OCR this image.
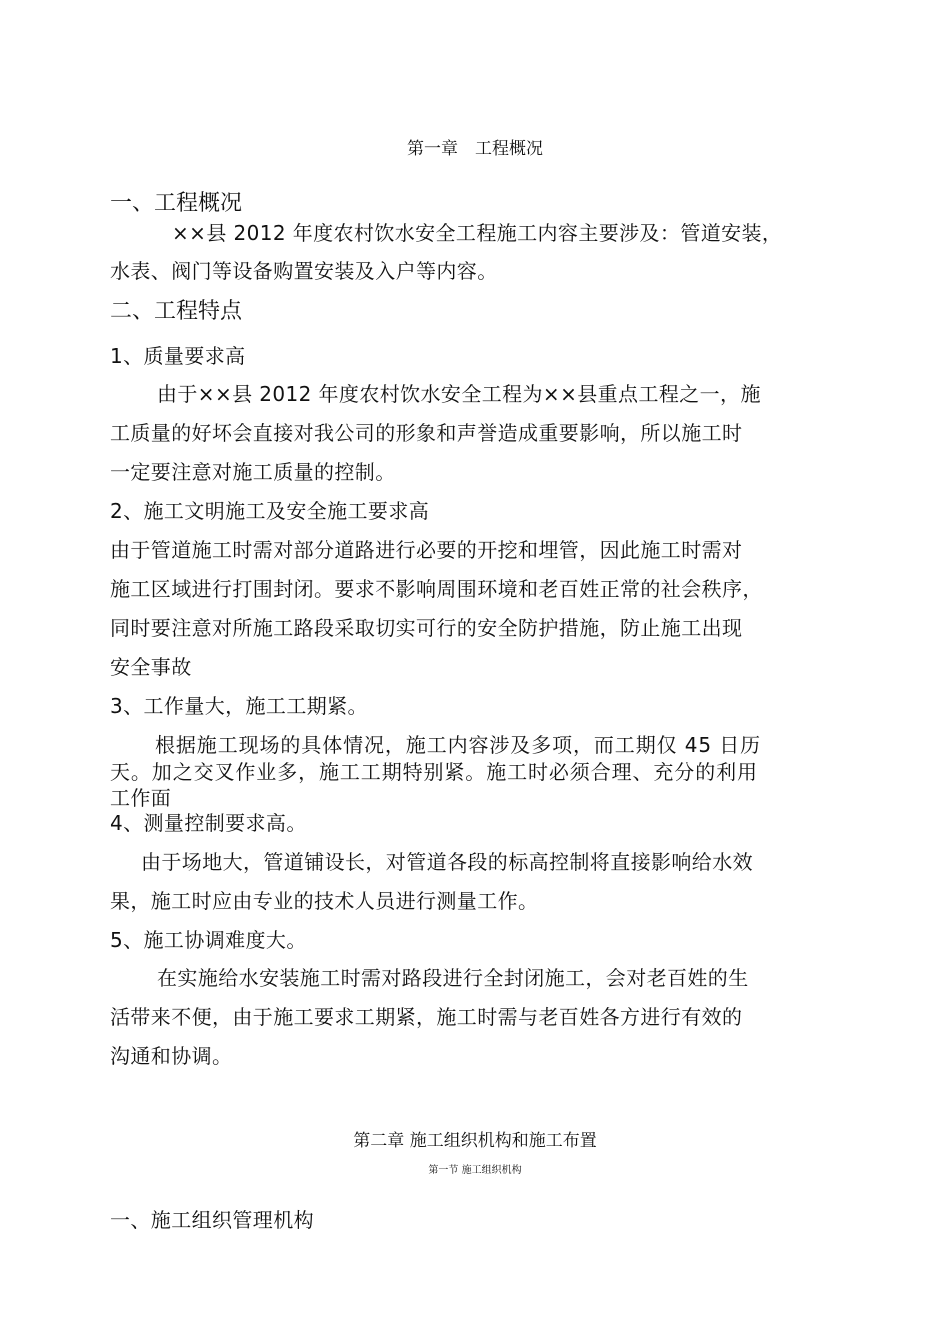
第一章　工程概况
一、工程概况
××县 2012 年度农村饮水安全工程施工内容主要涉及：管道安装，
水表、阀门等设备购置安装及入户等内容。
二、工程特点
1、质量要求高
由于××县 2012 年度农村饮水安全工程为××县重点工程之一，施
工质量的好坏会直接对我公司的形象和声誉造成重要影响，所以施工时
一定要注意对施工质量的控制。
2、施工文明施工及安全施工要求高
由于管道施工时需对部分道路进行必要的开挖和埋管，因此施工时需对
施工区域进行打围封闭。要求不影响周围环境和老百姓正常的社会秩序，
同时要注意对所施工路段采取切实可行的安全防护措施，防止施工出现
安全事故
3、工作量大，施工工期紧。
根据施工现场的具体情况，施工内容涉及多项，而工期仅 45 日历
天。加之交叉作业多，施工工期特别紧。施工时必须合理、充分的利用
工作面
4、测量控制要求高。
由于场地大，管道铺设长，对管道各段的标高控制将直接影响给水效
果，施工时应由专业的技术人员进行测量工作。
5、施工协调难度大。
在实施给水安装施工时需对路段进行全封闭施工，会对老百姓的生
活带来不便，由于施工要求工期紧，施工时需与老百姓各方进行有效的
沟通和协调。
第二章 施工组织机构和施工布置
第一节 施工组织机构
一、施工组织管理机构
